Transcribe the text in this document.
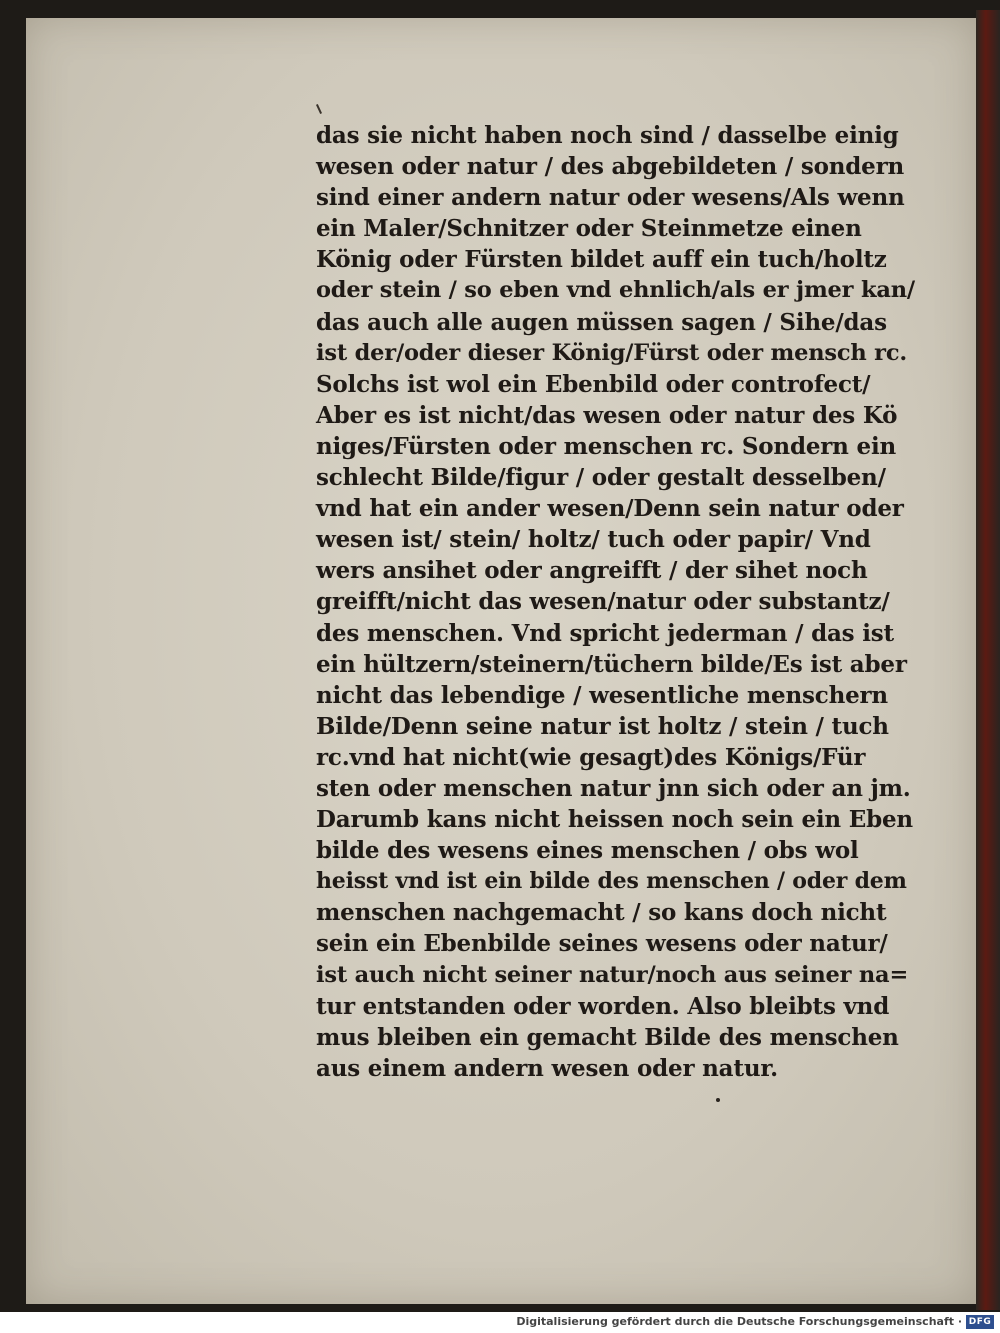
das sie nicht haben noch sind / dasselbe einig
wesen oder natur / des abgebildeten / sondern
sind einer andern natur oder wesens/Als wenn
ein Maler/Schnitzer oder Steinmetze einen
König oder Fürsten bildet auff ein tuch/holtz
oder stein / so eben vnd ehnlich/als er jmer kan/
das auch alle augen müssen sagen / Sihe/das
ist der/oder dieser König/Fürst oder mensch rc.
Solchs ist wol ein Ebenbild oder controfect/
Aber es ist nicht/das wesen oder natur des Kö
niges/Fürsten oder menschen rc. Sondern ein
schlecht Bilde/figur / oder gestalt desselben/
vnd hat ein ander wesen/Denn sein natur oder
wesen ist/ stein/ holtz/ tuch oder papir/ Vnd
wers ansihet oder angreifft / der sihet noch
greifft/nicht das wesen/natur oder substantz/
des menschen. Vnd spricht jederman / das ist
ein hültzern/steinern/tüchern bilde/Es ist aber
nicht das lebendige / wesentliche menschern
Bilde/Denn seine natur ist holtz / stein / tuch
rc.vnd hat nicht(wie gesagt)des Königs/Für
sten oder menschen natur jnn sich oder an jm.
Darumb kans nicht heissen noch sein ein Eben
bilde des wesens eines menschen / obs wol
heisst vnd ist ein bilde des menschen / oder dem
menschen nachgemacht / so kans doch nicht
sein ein Ebenbilde seines wesens oder natur/
ist auch nicht seiner natur/noch aus seiner na=
tur entstanden oder worden. Also bleibts vnd
mus bleiben ein gemacht Bilde des menschen
aus einem andern wesen oder natur.
Digitalisierung gefördert durch die Deutsche Forschungsgemeinschaft · DFG
